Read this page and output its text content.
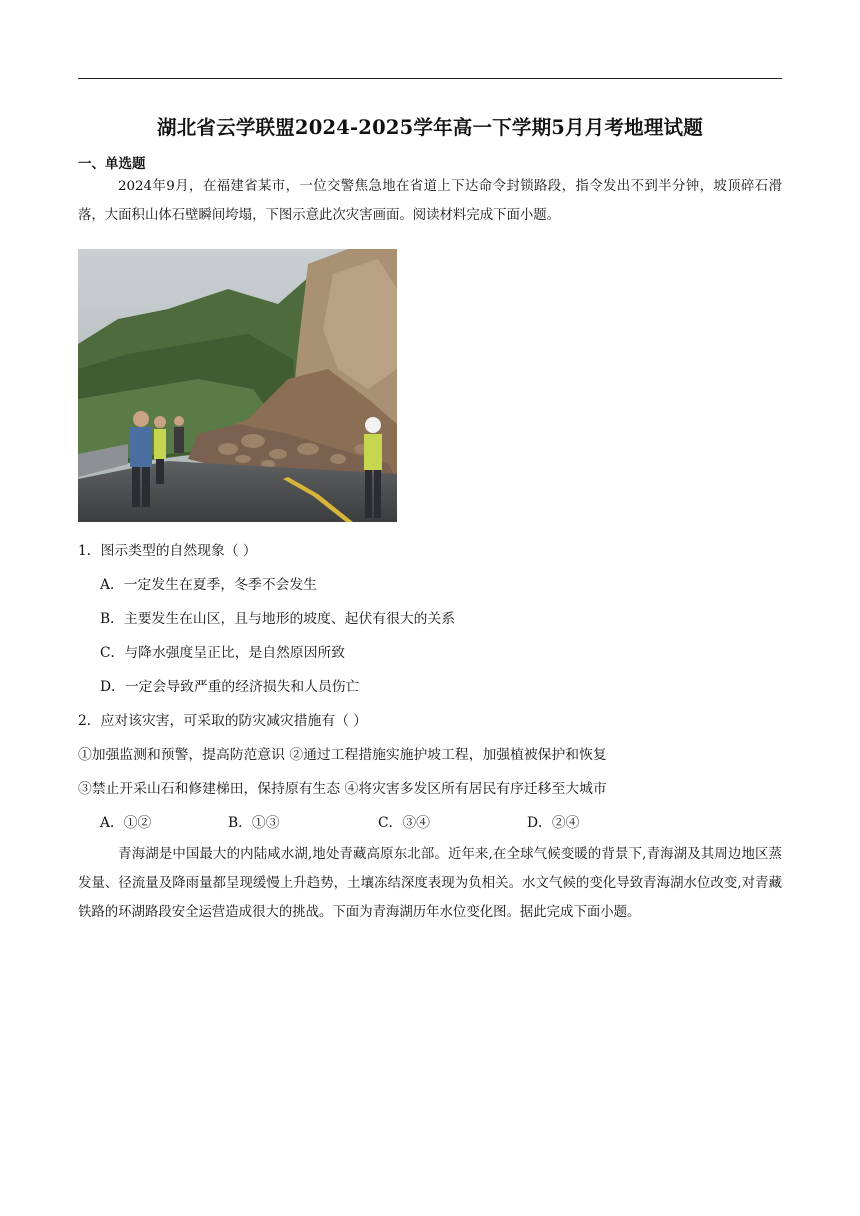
湖北省云学联盟2024-2025学年高一下学期5月月考地理试题
一、单选题
2024年9月，在福建省某市，一位交警焦急地在省道上下达命令封锁路段，指令发出不到半分钟，坡顶碎石滑落，大面积山体石壁瞬间垮塌，下图示意此次灾害画面。阅读材料完成下面小题。
1．图示类型的自然现象（ ）
A．一定发生在夏季，冬季不会发生
B．主要发生在山区，且与地形的坡度、起伏有很大的关系
C．与降水强度呈正比，是自然原因所致
D．一定会导致严重的经济损失和人员伤亡
2．应对该灾害，可采取的防灾减灾措施有（ ）
①加强监测和预警，提高防范意识 ②通过工程措施实施护坡工程，加强植被保护和恢复
③禁止开采山石和修建梯田，保持原有生态 ④将灾害多发区所有居民有序迁移至大城市
A．①②	B．①③	C．③④	D．②④
青海湖是中国最大的内陆咸水湖,地处青藏高原东北部。近年来,在全球气候变暖的背景下,青海湖及其周边地区蒸发量、径流量及降雨量都呈现缓慢上升趋势，土壤冻结深度表现为负相关。水文气候的变化导致青海湖水位改变,对青藏铁路的环湖路段安全运营造成很大的挑战。下面为青海湖历年水位变化图。据此完成下面小题。
